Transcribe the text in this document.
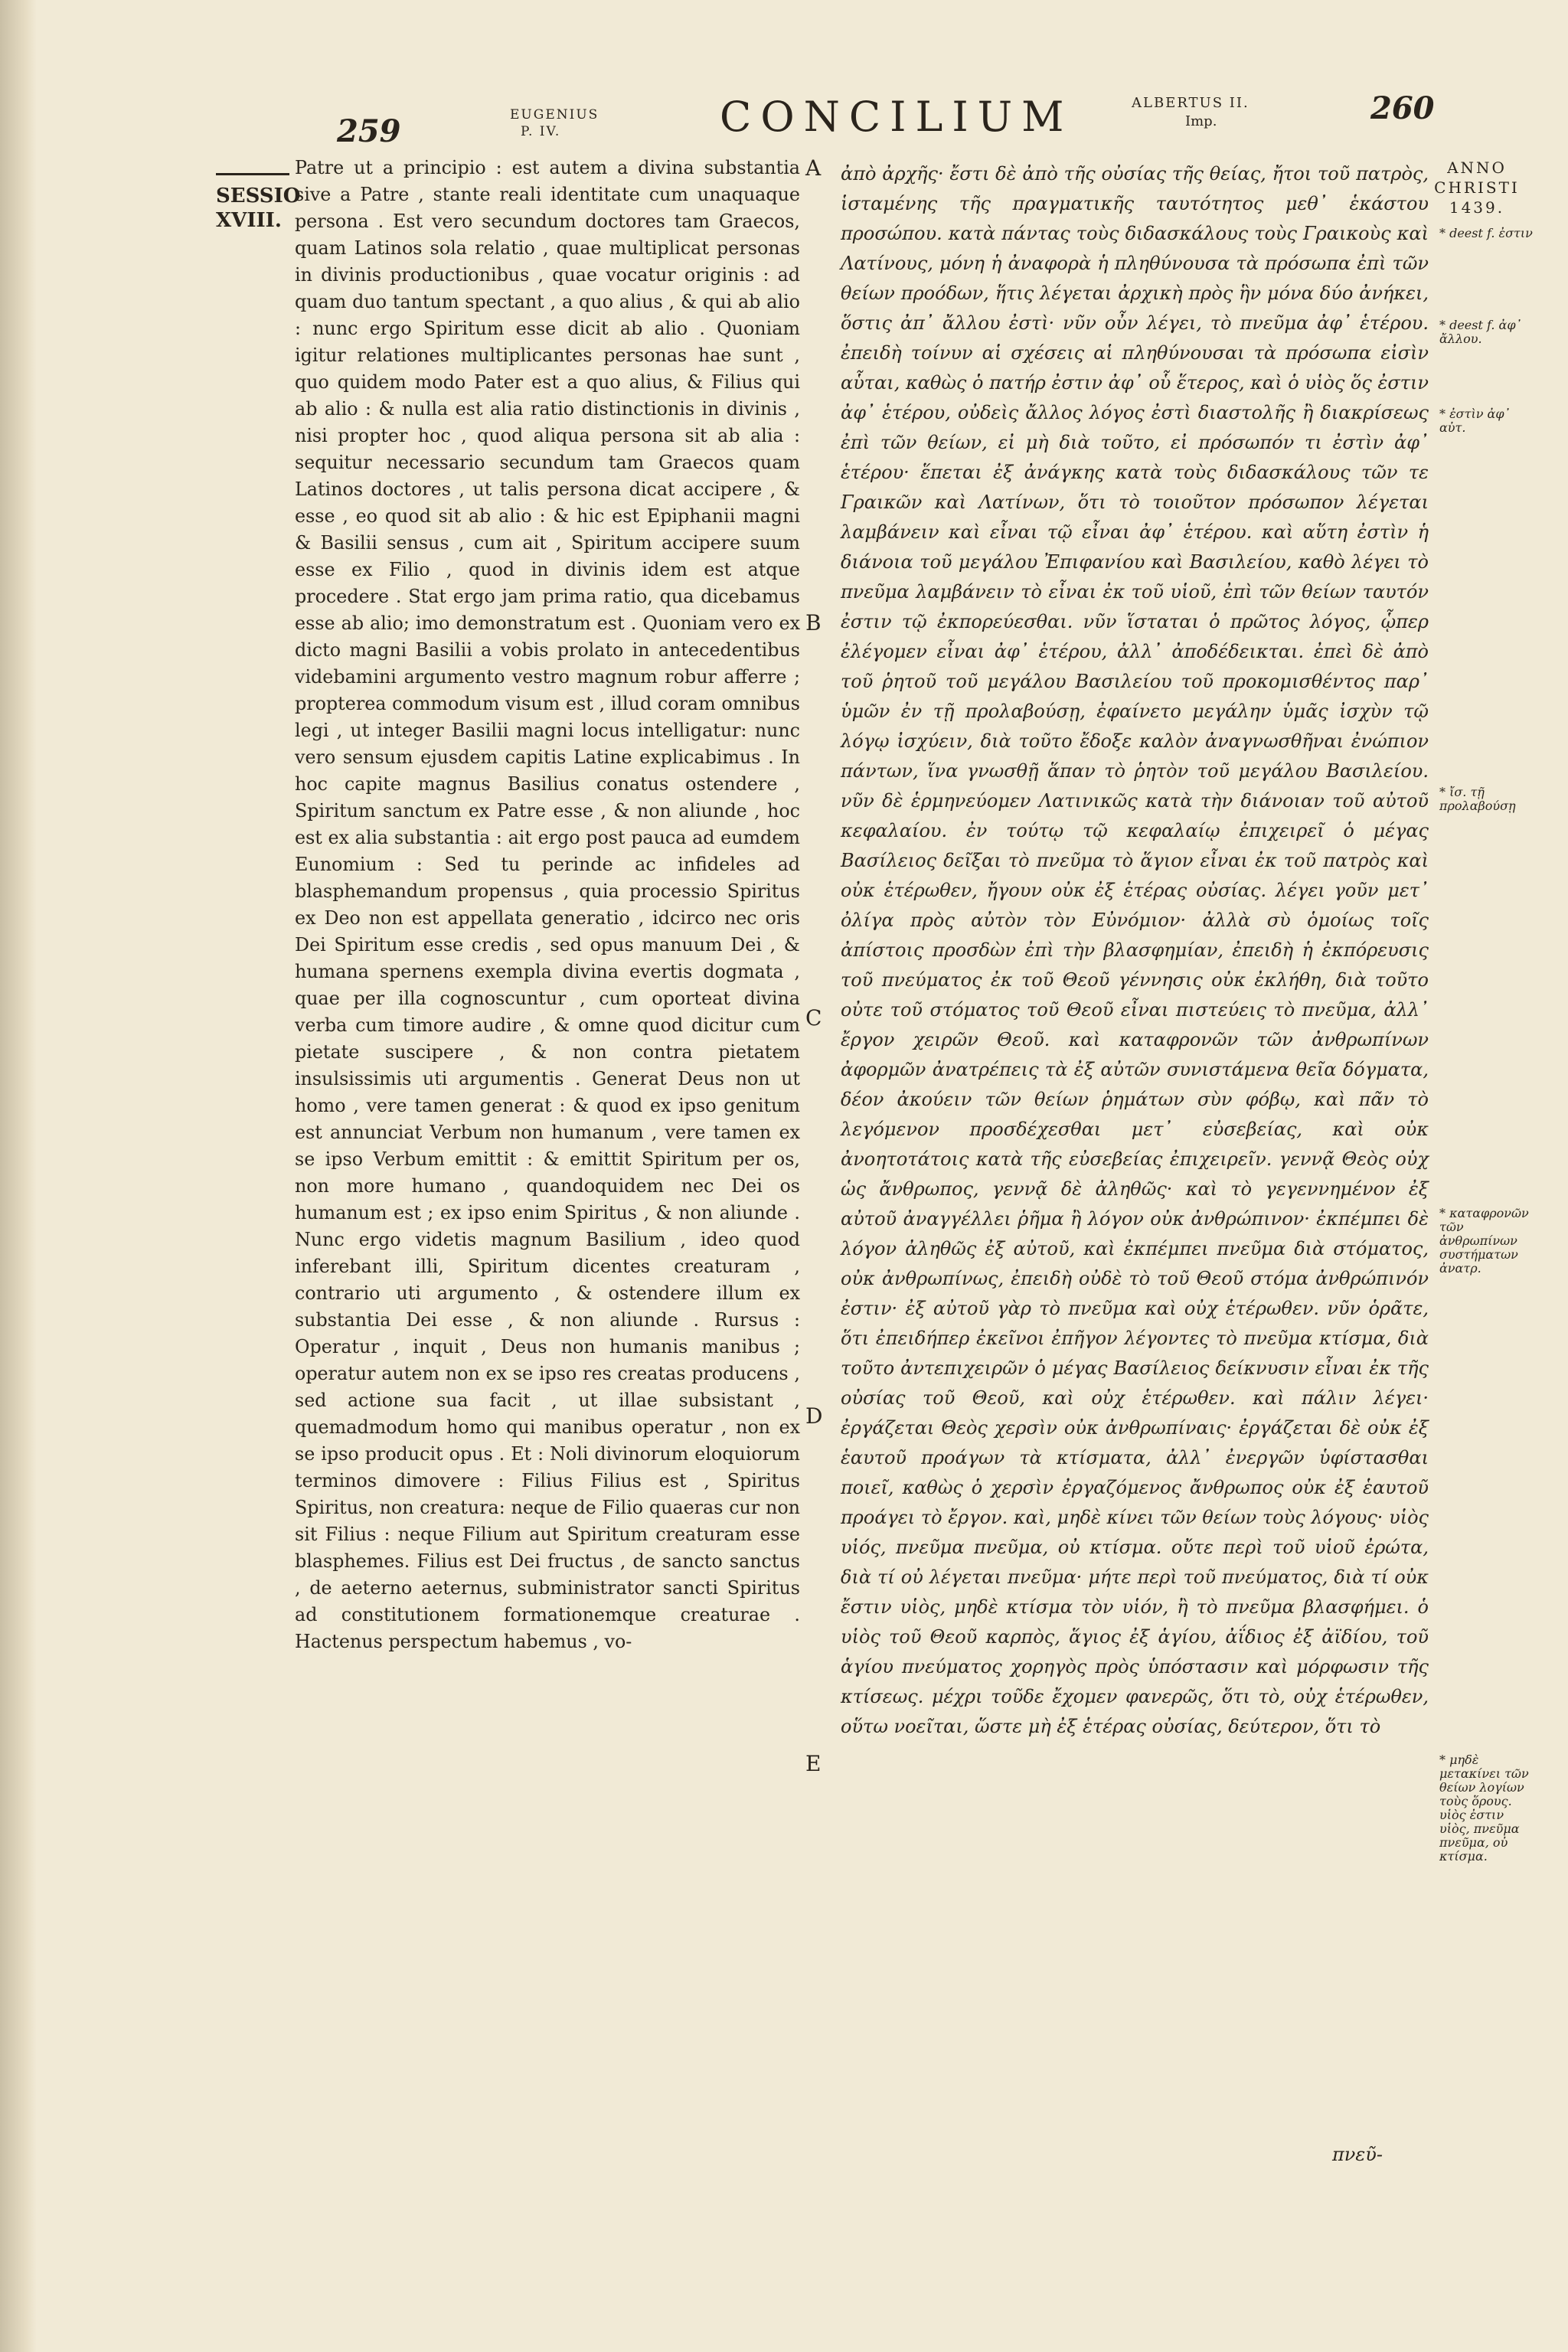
259	EUGENIUS
P. IV.	CONCILIUM	ALBERTUS II.
Imp.	260
SESSIO
XVIII.

Patre ut a principio : est autem a divina substantia sive a Patre , stante reali identitate cum unaquaque persona . Est vero secundum doctores tam Graecos, quam Latinos sola relatio , quae multiplicat personas in divinis productionibus , quae vocatur originis : ad quam duo tantum spectant , a quo alius , & qui ab alio : nunc ergo Spiritum esse dicit ab alio . Quoniam igitur relationes multiplicantes personas hae sunt , quo quidem modo Pater est a quo alius, & Filius qui ab alio : & nulla est alia ratio distinctionis in divinis , nisi propter hoc , quod aliqua persona sit ab alia : sequitur necessario secundum tam Graecos quam Latinos doctores , ut talis persona dicat accipere , & esse , eo quod sit ab alio : & hic est Epiphanii magni & Basilii sensus , cum ait , Spiritum accipere suum esse ex Filio , quod in divinis idem est atque procedere . Stat ergo jam prima ratio, qua dicebamus esse ab alio; imo demonstratum est . Quoniam vero ex dicto magni Basilii a vobis prolato in antecedentibus videbamini argumento vestro magnum robur afferre ; propterea commodum visum est , illud coram omnibus legi , ut integer Basilii magni locus intelligatur: nunc vero sensum ejusdem capitis Latine explicabimus . In hoc capite magnus Basilius conatus ostendere , Spiritum sanctum ex Patre esse , & non aliunde , hoc est ex alia substantia : ait ergo post pauca ad eumdem Eunomium : Sed tu perinde ac infideles ad blasphemandum propensus , quia processio Spiritus ex Deo non est appellata generatio , idcirco nec oris Dei Spiritum esse credis , sed opus manuum Dei , & humana spernens exempla divina evertis dogmata , quae per illa cognoscuntur , cum oporteat divina verba cum timore audire , & omne quod dicitur cum pietate suscipere , & non contra pietatem insulsissimis uti argumentis . Generat Deus non ut homo , vere tamen generat : & quod ex ipso genitum est annunciat Verbum non humanum , vere tamen ex se ipso Verbum emittit : & emittit Spiritum per os, non more humano , quandoquidem nec Dei os humanum est ; ex ipso enim Spiritus , & non aliunde . Nunc ergo videtis magnum Basilium , ideo quod inferebant illi, Spiritum dicentes creaturam , contrario uti argumento , & ostendere illum ex substantia Dei esse , & non aliunde . Rursus : Operatur , inquit , Deus non humanis manibus ; operatur autem non ex se ipso res creatas producens , sed actione sua facit , ut illae subsistant , quemadmodum homo qui manibus operatur , non ex se ipso producit opus . Et : Noli divinorum eloquiorum terminos dimovere : Filius Filius est , Spiritus Spiritus, non creatura: neque de Filio quaeras cur non sit Filius : neque Filium aut Spiritum creaturam esse blasphemes. Filius est Dei fructus , de sancto sanctus , de aeterno aeternus, subministrator sancti Spiritus ad constitutionem formationemque creaturae . Hactenus perspectum habemus , vo-

A
B
C
D
E

ἀπὸ ἀρχῆς· ἔστι δὲ ἀπὸ τῆς οὐσίας τῆς θείας, ἤτοι τοῦ πατρὸς, ἱσταμένης τῆς πραγματικῆς ταυτότητος μεθ᾽ ἑκάστου προσώπου. κατὰ πάντας τοὺς διδασκάλους τοὺς Γραικοὺς καὶ Λατίνους, μόνη ἡ ἀναφορὰ ἡ πληθύνουσα τὰ πρόσωπα ἐπὶ τῶν θείων προόδων, ἥτις λέγεται ἀρχικὴ πρὸς ἣν μόνα δύο ἀνήκει, ὅστις ἀπ᾽ ἄλλου ἐστὶ· νῦν οὖν λέγει, τὸ πνεῦμα ἀφ᾽ ἑτέρου. ἐπειδὴ τοίνυν αἱ σχέσεις αἱ πληθύνουσαι τὰ πρόσωπα εἰσὶν αὗται, καθὼς ὁ πατήρ ἐστιν ἀφ᾽ οὗ ἕτερος, καὶ ὁ υἱὸς ὅς ἐστιν ἀφ᾽ ἑτέρου, οὐδεὶς ἄλλος λόγος ἐστὶ διαστολῆς ἢ διακρίσεως ἐπὶ τῶν θείων, εἰ μὴ διὰ τοῦτο, εἰ πρόσωπόν τι ἐστὶν ἀφ᾽ ἑτέρου· ἕπεται ἐξ ἀνάγκης κατὰ τοὺς διδασκάλους τῶν τε Γραικῶν καὶ Λατίνων, ὅτι τὸ τοιοῦτον πρόσωπον λέγεται λαμβάνειν καὶ εἶναι τῷ εἶναι ἀφ᾽ ἑτέρου. καὶ αὕτη ἐστὶν ἡ διάνοια τοῦ μεγάλου Ἐπιφανίου καὶ Βασιλείου, καθὸ λέγει τὸ πνεῦμα λαμβάνειν τὸ εἶναι ἐκ τοῦ υἱοῦ, ἐπὶ τῶν θείων ταυτόν ἐστιν τῷ ἐκπορεύεσθαι. νῦν ἵσταται ὁ πρῶτος λόγος, ᾧπερ ἐλέγομεν εἶναι ἀφ᾽ ἑτέρου, ἀλλ᾽ ἀποδέδεικται. ἐπεὶ δὲ ἀπὸ τοῦ ῥητοῦ τοῦ μεγάλου Βασιλείου τοῦ προκομισθέντος παρ᾽ ὑμῶν ἐν τῇ προλαβούσῃ, ἐφαίνετο μεγάλην ὑμᾶς ἰσχὺν τῷ λόγῳ ἰσχύειν, διὰ τοῦτο ἔδοξε καλὸν ἀναγνωσθῆναι ἐνώπιον πάντων, ἵνα γνωσθῇ ἅπαν τὸ ῥητὸν τοῦ μεγάλου Βασιλείου. νῦν δὲ ἑρμηνεύομεν Λατινικῶς κατὰ τὴν διάνοιαν τοῦ αὐτοῦ κεφαλαίου. ἐν τούτῳ τῷ κεφαλαίῳ ἐπιχειρεῖ ὁ μέγας Βασίλειος δεῖξαι τὸ πνεῦμα τὸ ἅγιον εἶναι ἐκ τοῦ πατρὸς καὶ οὐκ ἑτέρωθεν, ἤγουν οὐκ ἐξ ἑτέρας οὐσίας. λέγει γοῦν μετ᾽ ὀλίγα πρὸς αὐτὸν τὸν Εὐνόμιον· ἀλλὰ σὺ ὁμοίως τοῖς ἀπίστοις προσδὼν ἐπὶ τὴν βλασφημίαν, ἐπειδὴ ἡ ἐκπόρευσις τοῦ πνεύματος ἐκ τοῦ Θεοῦ γέννησις οὐκ ἐκλήθη, διὰ τοῦτο οὐτε τοῦ στόματος τοῦ Θεοῦ εἶναι πιστεύεις τὸ πνεῦμα, ἀλλ᾽ ἔργον χειρῶν Θεοῦ. καὶ καταφρονῶν τῶν ἀνθρωπίνων ἀφορμῶν ἀνατρέπεις τὰ ἐξ αὐτῶν συνιστάμενα θεῖα δόγματα, δέον ἀκούειν τῶν θείων ῥημάτων σὺν φόβῳ, καὶ πᾶν τὸ λεγόμενον προσδέχεσθαι μετ᾽ εὐσεβείας, καὶ οὐκ ἀνοητοτάτοις κατὰ τῆς εὐσεβείας ἐπιχειρεῖν. γεννᾷ Θεὸς οὐχ ὡς ἄνθρωπος, γεννᾷ δὲ ἀληθῶς· καὶ τὸ γεγεννημένον ἐξ αὐτοῦ ἀναγγέλλει ῥῆμα ἢ λόγον οὐκ ἀνθρώπινον· ἐκπέμπει δὲ λόγον ἀληθῶς ἐξ αὐτοῦ, καὶ ἐκπέμπει πνεῦμα διὰ στόματος, οὐκ ἀνθρωπίνως, ἐπειδὴ οὐδὲ τὸ τοῦ Θεοῦ στόμα ἀνθρώπινόν ἐστιν· ἐξ αὐτοῦ γὰρ τὸ πνεῦμα καὶ οὐχ ἑτέρωθεν. νῦν ὁρᾶτε, ὅτι ἐπειδήπερ ἐκεῖνοι ἐπῆγον λέγοντες τὸ πνεῦμα κτίσμα, διὰ τοῦτο ἀντεπιχειρῶν ὁ μέγας Βασίλειος δείκνυσιν εἶναι ἐκ τῆς οὐσίας τοῦ Θεοῦ, καὶ οὐχ ἑτέρωθεν. καὶ πάλιν λέγει· ἐργάζεται Θεὸς χερσὶν οὐκ ἀνθρωπίναις· ἐργάζεται δὲ οὐκ ἐξ ἑαυτοῦ προάγων τὰ κτίσματα, ἀλλ᾽ ἐνεργῶν ὑφίστασθαι ποιεῖ, καθὼς ὁ χερσὶν ἐργαζόμενος ἄνθρωπος οὐκ ἐξ ἑαυτοῦ προάγει τὸ ἔργον. καὶ, μηδὲ κίνει τῶν θείων τοὺς λόγους· υἱὸς υἱός, πνεῦμα πνεῦμα, οὐ κτίσμα. οὔτε περὶ τοῦ υἱοῦ ἐρώτα, διὰ τί οὐ λέγεται πνεῦμα· μήτε περὶ τοῦ πνεύματος, διὰ τί οὐκ ἔστιν υἱὸς, μηδὲ κτίσμα τὸν υἱόν, ἢ τὸ πνεῦμα βλασφήμει. ὁ υἱὸς τοῦ Θεοῦ καρπὸς, ἅγιος ἐξ ἁγίου, ἀΐδιος ἐξ ἀϊδίου, τοῦ ἁγίου πνεύματος χορηγὸς πρὸς ὑπόστασιν καὶ μόρφωσιν τῆς κτίσεως. μέχρι τοῦδε ἔχομεν φανερῶς, ὅτι τὸ, οὐχ ἑτέρωθεν, οὕτω νοεῖται, ὥστε μὴ ἐξ ἑτέρας οὐσίας, δεύτερον, ὅτι τὸ

πνεῦ-
ANNO
CHRISTI
1439.
* deest f. ἐστιν
* deest f. ἀφ᾽ ἄλλου.
* ἐστὶν ἀφ᾽ αὐτ.
* ἴσ. τῇ προλαβούσῃ
* καταφρονῶν τῶν ἀνθρωπίνων συστήματων ἀνατρ.
* μηδὲ μετακίνει τῶν θείων λογίων τοὺς ὅρους. υἱὸς ἐστιν υἱὸς, πνεῦμα πνεῦμα, οὐ κτίσμα.
